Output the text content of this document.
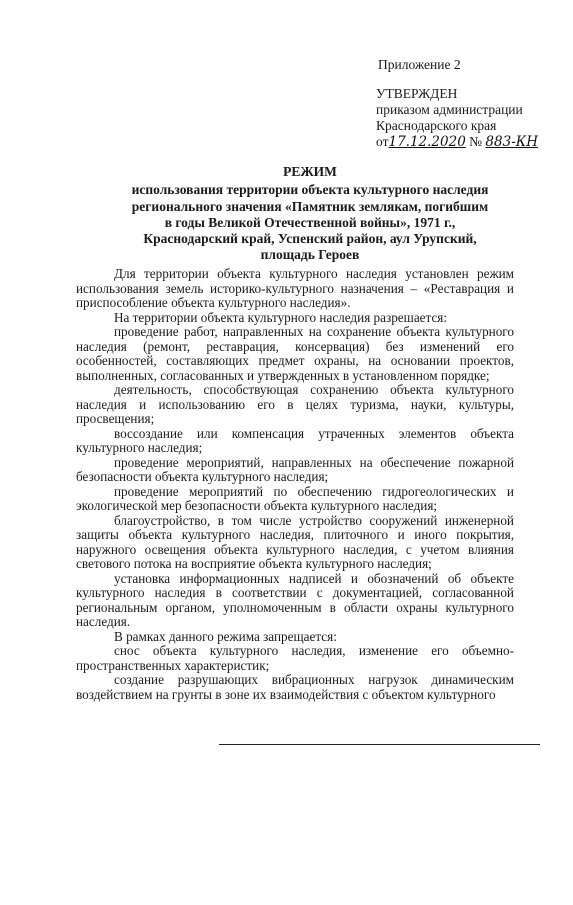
Приложение 2
УТВЕРЖДЕН
приказом администрации
Краснодарского края
от17.12.2020 № 883-КН
РЕЖИМ
использования территории объекта культурного наследия
регионального значения «Памятник землякам, погибшим
в годы Великой Отечественной войны», 1971 г.,
Краснодарский край, Успенский район, аул Урупский,
площадь Героев

Для территории объекта культурного наследия установлен режим использования земель историко-культурного назначения – «Реставрация и приспособление объекта культурного наследия».

На территории объекта культурного наследия разрешается:

проведение работ, направленных на сохранение объекта культурного наследия (ремонт, реставрация, консервация) без изменений его особенностей, составляющих предмет охраны, на основании проектов, выполненных, согласованных и утвержденных в установленном порядке;

деятельность, способствующая сохранению объекта культурного наследия и использованию его в целях туризма, науки, культуры, просвещения;

воссоздание или компенсация утраченных элементов объекта культурного наследия;

проведение мероприятий, направленных на обеспечение пожарной безопасности объекта культурного наследия;

проведение мероприятий по обеспечению гидрогеологических и экологической мер безопасности объекта культурного наследия;

благоустройство, в том числе устройство сооружений инженерной защиты объекта культурного наследия, плиточного и иного покрытия, наружного освещения объекта культурного наследия, с учетом влияния светового потока на восприятие объекта культурного наследия;

установка информационных надписей и обозначений об объекте культурного наследия в соответствии с документацией, согласованной региональным органом, уполномоченным в области охраны культурного наследия.

В рамках данного режима запрещается:

снос объекта культурного наследия, изменение его объемно-пространственных характеристик;

создание разрушающих вибрационных нагрузок динамическим воздействием на грунты в зоне их взаимодействия с объектом культурного
